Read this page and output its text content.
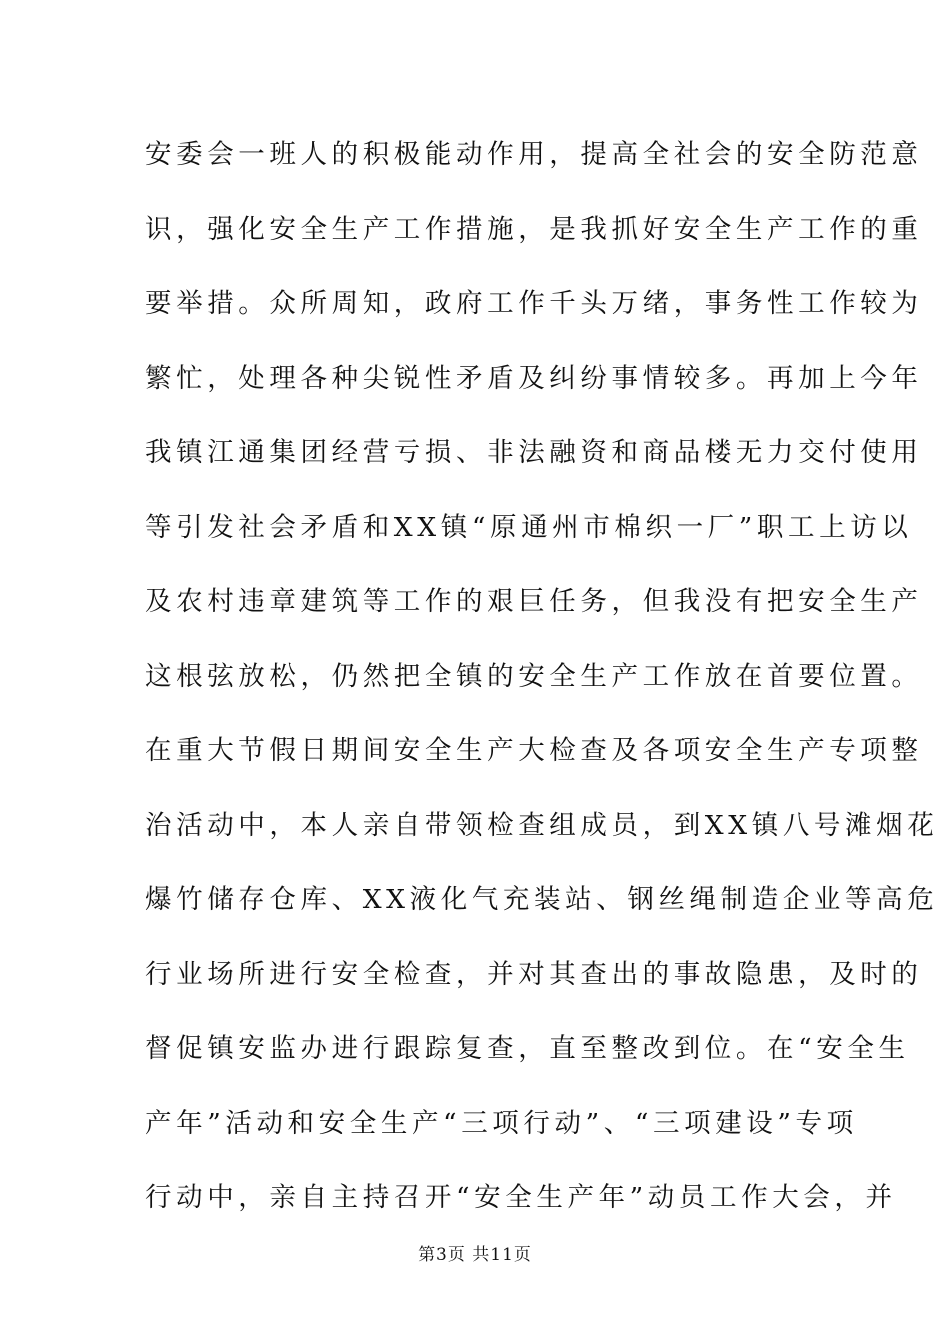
安委会一班人的积极能动作用，提高全社会的安全防范意
识，强化安全生产工作措施，是我抓好安全生产工作的重
要举措。众所周知，政府工作千头万绪，事务性工作较为
繁忙，处理各种尖锐性矛盾及纠纷事情较多。再加上今年
我镇江通集团经营亏损、非法融资和商品楼无力交付使用
等引发社会矛盾和XX镇“原通州市棉织一厂”职工上访以
及农村违章建筑等工作的艰巨任务，但我没有把安全生产
这根弦放松，仍然把全镇的安全生产工作放在首要位置。
在重大节假日期间安全生产大检查及各项安全生产专项整
治活动中，本人亲自带领检查组成员，到XX镇八号滩烟花
爆竹储存仓库、XX液化气充装站、钢丝绳制造企业等高危
行业场所进行安全检查，并对其查出的事故隐患，及时的
督促镇安监办进行跟踪复查，直至整改到位。在“安全生
产年”活动和安全生产“三项行动”、“三项建设”专项
行动中，亲自主持召开“安全生产年”动员工作大会，并
第3页 共11页
